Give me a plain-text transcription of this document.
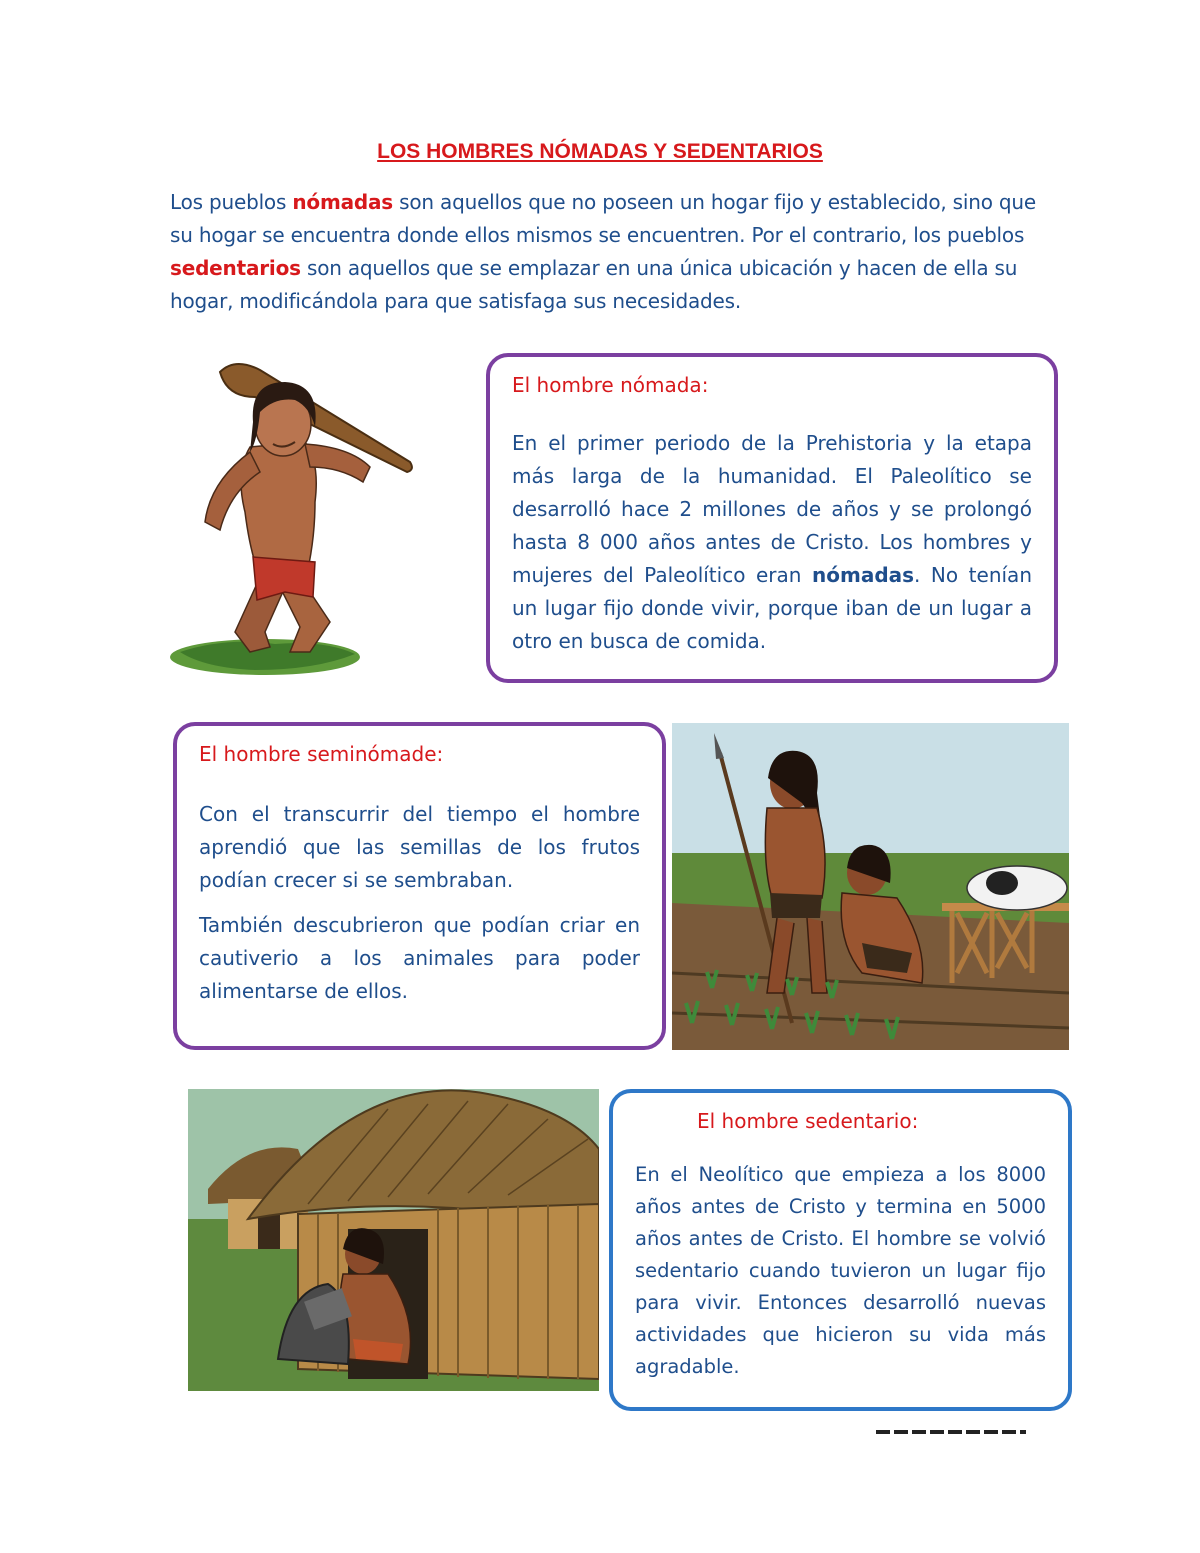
LOS HOMBRES NÓMADAS Y SEDENTARIOS
Los pueblos nómadas son aquellos que no poseen un hogar fijo y establecido, sino que su hogar se encuentra donde ellos mismos se encuentren. Por el contrario, los pueblos sedentarios son aquellos que se emplazar en una única ubicación y hacen de ella su hogar, modificándola para que satisfaga sus necesidades.
El hombre nómada:
En el primer periodo de la Prehistoria y la etapa más larga de la humanidad. El Paleolítico se desarrolló hace 2 millones de años y se prolongó hasta 8 000 años antes de Cristo. Los hombres y mujeres del Paleolítico eran nómadas. No tenían un lugar fijo donde vivir, porque iban de un lugar a otro en busca de comida.
El hombre seminómade:

Con el transcurrir del tiempo el hombre aprendió que las semillas de los frutos podían crecer si se sembraban.

También descubrieron que podían criar en cautiverio a los animales para poder alimentarse de ellos.

El hombre sedentario:
En el Neolítico que empieza a los 8000 años antes de Cristo y termina en 5000 años antes de Cristo. El hombre se volvió sedentario cuando tuvieron un lugar fijo para vivir. Entonces desarrolló nuevas actividades que hicieron su vida más agradable.
